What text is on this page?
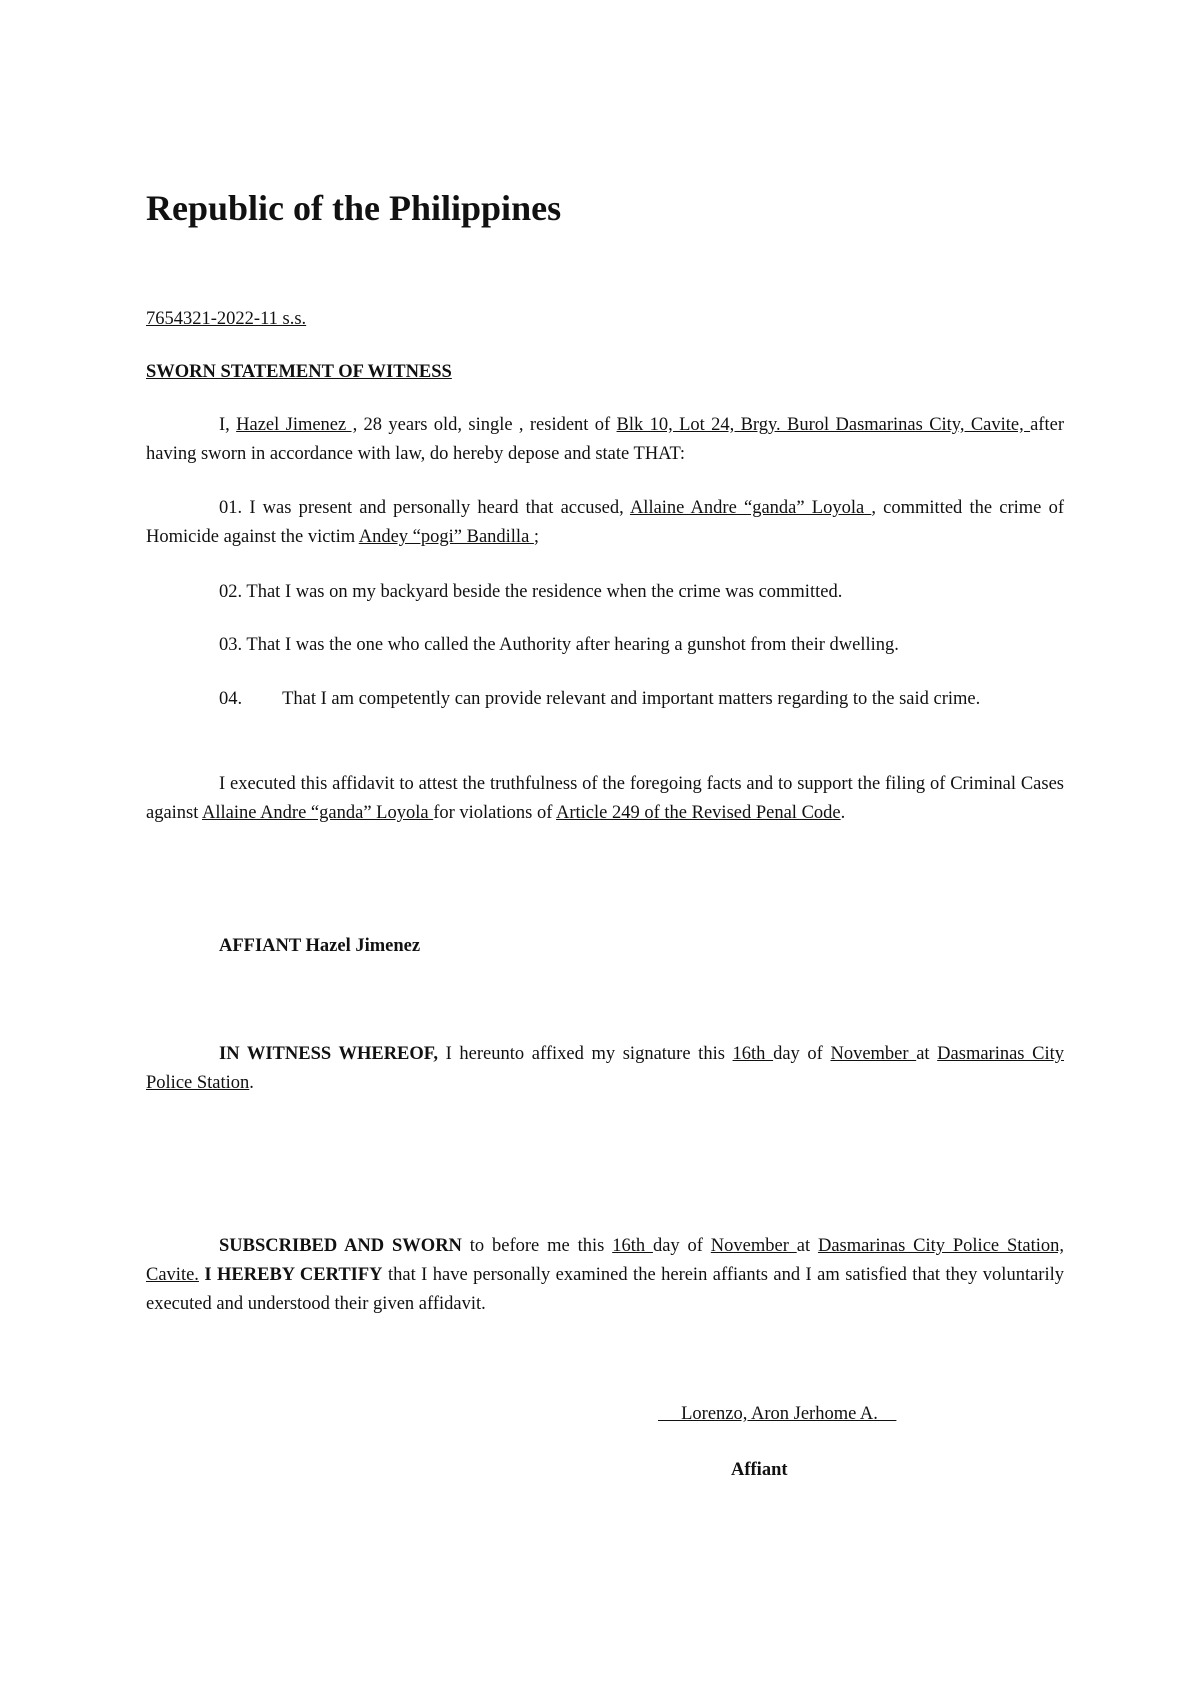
Republic of the Philippines

7654321-2022-11 s.s.

SWORN STATEMENT OF WITNESS

I, Hazel Jimenez , 28 years old, single , resident of Blk 10, Lot 24, Brgy. Burol Dasmarinas City, Cavite, after having sworn in accordance with law, do hereby depose and state THAT:

01. I was present and personally heard that accused, Allaine Andre “ganda” Loyola , committed the crime of Homicide against the victim Andey “pogi” Bandilla ;

02. That I was on my backyard beside the residence when the crime was committed.

03. That I was the one who called the Authority after hearing a gunshot from their dwelling.

04. That I am competently can provide relevant and important matters regarding to the said crime.

I executed this affidavit to attest the truthfulness of the foregoing facts and to support the filing of Criminal Cases against Allaine Andre “ganda” Loyola for violations of Article 249 of the Revised Penal Code.

AFFIANT Hazel Jimenez

IN WITNESS WHEREOF, I hereunto affixed my signature this 16th day of November at Dasmarinas City Police Station.

SUBSCRIBED AND SWORN to before me this 16th day of November at Dasmarinas City Police Station, Cavite. I HEREBY CERTIFY that I have personally examined the herein affiants and I am satisfied that they voluntarily executed and understood their given affidavit.

Lorenzo, Aron Jerhome A.
Affiant
